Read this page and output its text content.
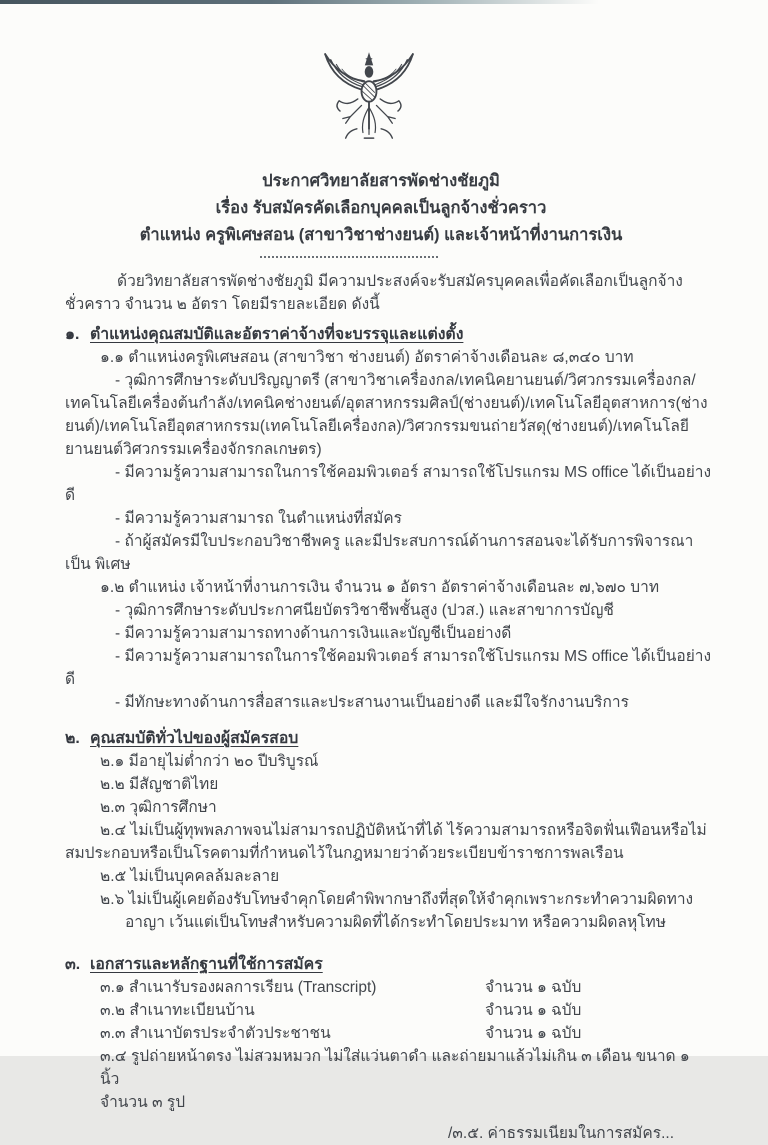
ประกาศวิทยาลัยสารพัดช่างชัยภูมิ
เรื่อง รับสมัครคัดเลือกบุคคลเป็นลูกจ้างชั่วคราว
ตำแหน่ง ครูพิเศษสอน (สาขาวิชาช่างยนต์) และเจ้าหน้าที่งานการเงิน
ด้วยวิทยาลัยสารพัดช่างชัยภูมิ มีความประสงค์จะรับสมัครบุคคลเพื่อคัดเลือกเป็นลูกจ้างชั่วคราว จำนวน ๒ อัตรา โดยมีรายละเอียด ดังนี้
๑. ตำแหน่งคุณสมบัติและอัตราค่าจ้างที่จะบรรจุและแต่งตั้ง
๑.๑ ตำแหน่งครูพิเศษสอน (สาขาวิชา ช่างยนต์) อัตราค่าจ้างเดือนละ ๘,๓๔๐ บาท
- วุฒิการศึกษาระดับปริญญาตรี (สาขาวิชาเครื่องกล/เทคนิคยานยนต์/วิศวกรรมเครื่องกล/เทคโนโลยีเครื่องต้นกำลัง/เทคนิคช่างยนต์/อุตสาหกรรมศิลป์(ช่างยนต์)/เทคโนโลยีอุตสาหการ(ช่างยนต์)/เทคโนโลยีอุตสาหกรรม(เทคโนโลยีเครื่องกล)/วิศวกรรมขนถ่ายวัสดุ(ช่างยนต์)/เทคโนโลยียานยนต์วิศวกรรมเครื่องจักรกลเกษตร)
- มีความรู้ความสามารถในการใช้คอมพิวเตอร์ สามารถใช้โปรแกรม MS office ได้เป็นอย่างดี
- มีความรู้ความสามารถ ในตำแหน่งที่สมัคร
- ถ้าผู้สมัครมีใบประกอบวิชาชีพครู และมีประสบการณ์ด้านการสอนจะได้รับการพิจารณาเป็น พิเศษ
๑.๒ ตำแหน่ง เจ้าหน้าที่งานการเงิน จำนวน ๑ อัตรา อัตราค่าจ้างเดือนละ ๗,๖๗๐ บาท
- วุฒิการศึกษาระดับประกาศนียบัตรวิชาชีพชั้นสูง (ปวส.) และสาขาการบัญชี
- มีความรู้ความสามารถทางด้านการเงินและบัญชีเป็นอย่างดี
- มีความรู้ความสามารถในการใช้คอมพิวเตอร์ สามารถใช้โปรแกรม MS office ได้เป็นอย่างดี
- มีทักษะทางด้านการสื่อสารและประสานงานเป็นอย่างดี และมีใจรักงานบริการ
๒. คุณสมบัติทั่วไปของผู้สมัครสอบ
๒.๑ มีอายุไม่ต่ำกว่า ๒๐ ปีบริบูรณ์
๒.๒ มีสัญชาติไทย
๒.๓ วุฒิการศึกษา
๒.๔ ไม่เป็นผู้ทุพพลภาพจนไม่สามารถปฏิบัติหน้าที่ได้ ไร้ความสามารถหรือจิตฟั่นเฟือนหรือไม่สมประกอบหรือเป็นโรคตามที่กำหนดไว้ในกฎหมายว่าด้วยระเบียบข้าราชการพลเรือน
๒.๕ ไม่เป็นบุคคลล้มละลาย
๒.๖ ไม่เป็นผู้เคยต้องรับโทษจำคุกโดยคำพิพากษาถึงที่สุดให้จำคุกเพราะกระทำความผิดทางอาญา เว้นแต่เป็นโทษสำหรับความผิดที่ได้กระทำโดยประมาท หรือความผิดลหุโทษ
๓. เอกสารและหลักฐานที่ใช้การสมัคร
๓.๑ สำเนารับรองผลการเรียน (Transcript)	จำนวน ๑ ฉบับ
๓.๒ สำเนาทะเบียนบ้าน	จำนวน ๑ ฉบับ
๓.๓ สำเนาบัตรประจำตัวประชาชน	จำนวน ๑ ฉบับ
๓.๔ รูปถ่ายหน้าตรง ไม่สวมหมวก ไม่ใส่แว่นตาดำ และถ่ายมาแล้วไม่เกิน ๓ เดือน ขนาด ๑ นิ้ว
จำนวน ๓ รูป
/๓.๕. ค่าธรรมเนียมในการสมัคร...
